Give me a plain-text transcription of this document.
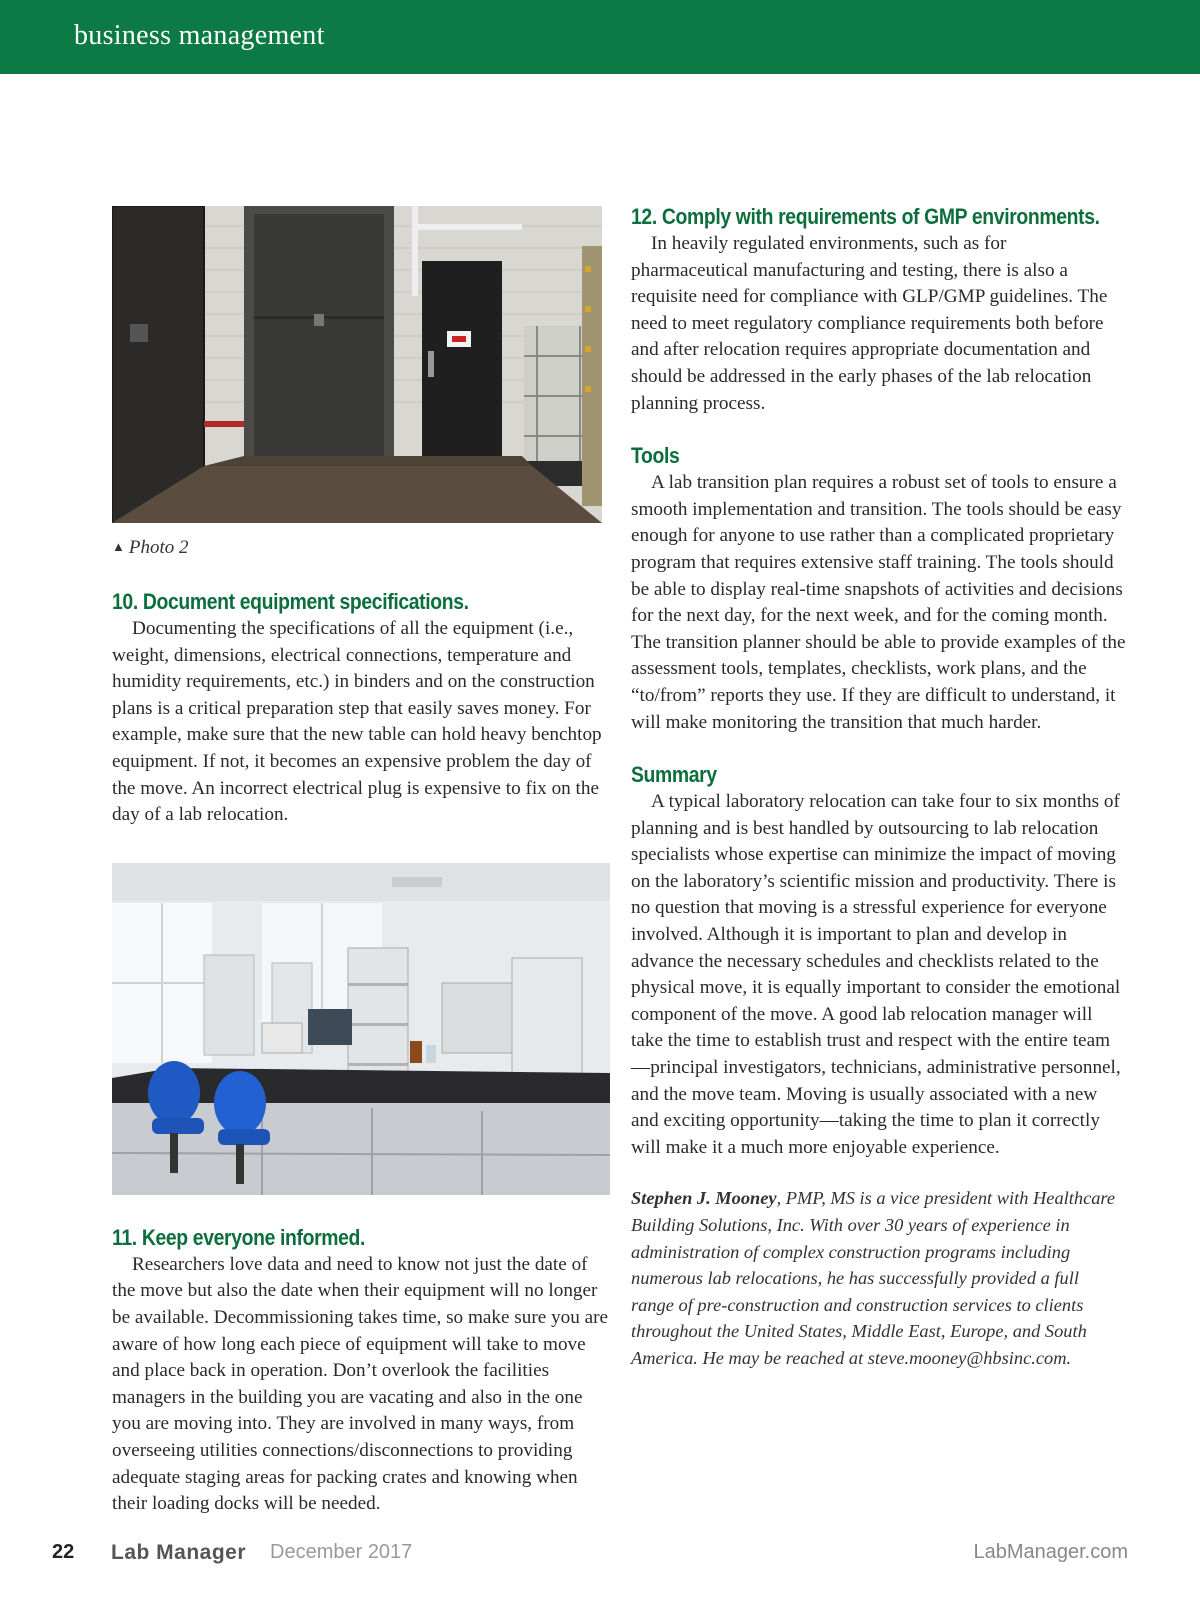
business management
▲ Photo 2
10. Document equipment specifications.

Documenting the specifications of all the equipment (i.e., weight, dimensions, electrical connections, temperature and humidity requirements, etc.) in binders and on the construction plans is a critical preparation step that easily saves money. For example, make sure that the new table can hold heavy benchtop equipment. If not, it becomes an expensive problem the day of the move. An incorrect electrical plug is expensive to fix on the day of a lab relocation.

11. Keep everyone informed.

Researchers love data and need to know not just the date of the move but also the date when their equipment will no longer be available. Decommissioning takes time, so make sure you are aware of how long each piece of equipment will take to move and place back in operation. Don’t overlook the facilities managers in the building you are vacating and also in the one you are moving into. They are involved in many ways, from overseeing utilities connections/disconnections to providing adequate staging areas for packing crates and knowing when their loading docks will be needed.

12. Comply with requirements of GMP environments.

In heavily regulated environments, such as for pharmaceutical manufacturing and testing, there is also a requisite need for compliance with GLP/GMP guidelines. The need to meet regulatory compliance requirements both before and after relocation requires appropriate documentation and should be addressed in the early phases of the lab relocation planning process.

Tools

A lab transition plan requires a robust set of tools to ensure a smooth implementation and transition. The tools should be easy enough for anyone to use rather than a complicated proprietary program that requires extensive staff training. The tools should be able to display real-time snapshots of activities and decisions for the next day, for the next week, and for the coming month. The transition planner should be able to provide examples of the assessment tools, templates, checklists, work plans, and the “to/from” reports they use. If they are difficult to understand, it will make monitoring the transition that much harder.

Summary

A typical laboratory relocation can take four to six months of planning and is best handled by outsourcing to lab relocation specialists whose expertise can minimize the impact of moving on the laboratory’s scientific mission and productivity. There is no question that moving is a stressful experience for everyone involved. Although it is important to plan and develop in advance the necessary schedules and checklists related to the physical move, it is equally important to consider the emotional component of the move. A good lab relocation manager will take the time to establish trust and respect with the entire team—principal investigators, technicians, administrative personnel, and the move team. Moving is usually associated with a new and exciting opportunity—taking the time to plan it correctly will make it a much more enjoyable experience.

Stephen J. Mooney, PMP, MS is a vice president with Healthcare Building Solutions, Inc. With over 30 years of experience in administration of complex construction programs including numerous lab relocations, he has successfully provided a full range of pre-construction and construction services to clients throughout the United States, Middle East, Europe, and South America. He may be reached at steve.mooney@hbsinc.com.

22 Lab Manager December 2017	LabManager.com
